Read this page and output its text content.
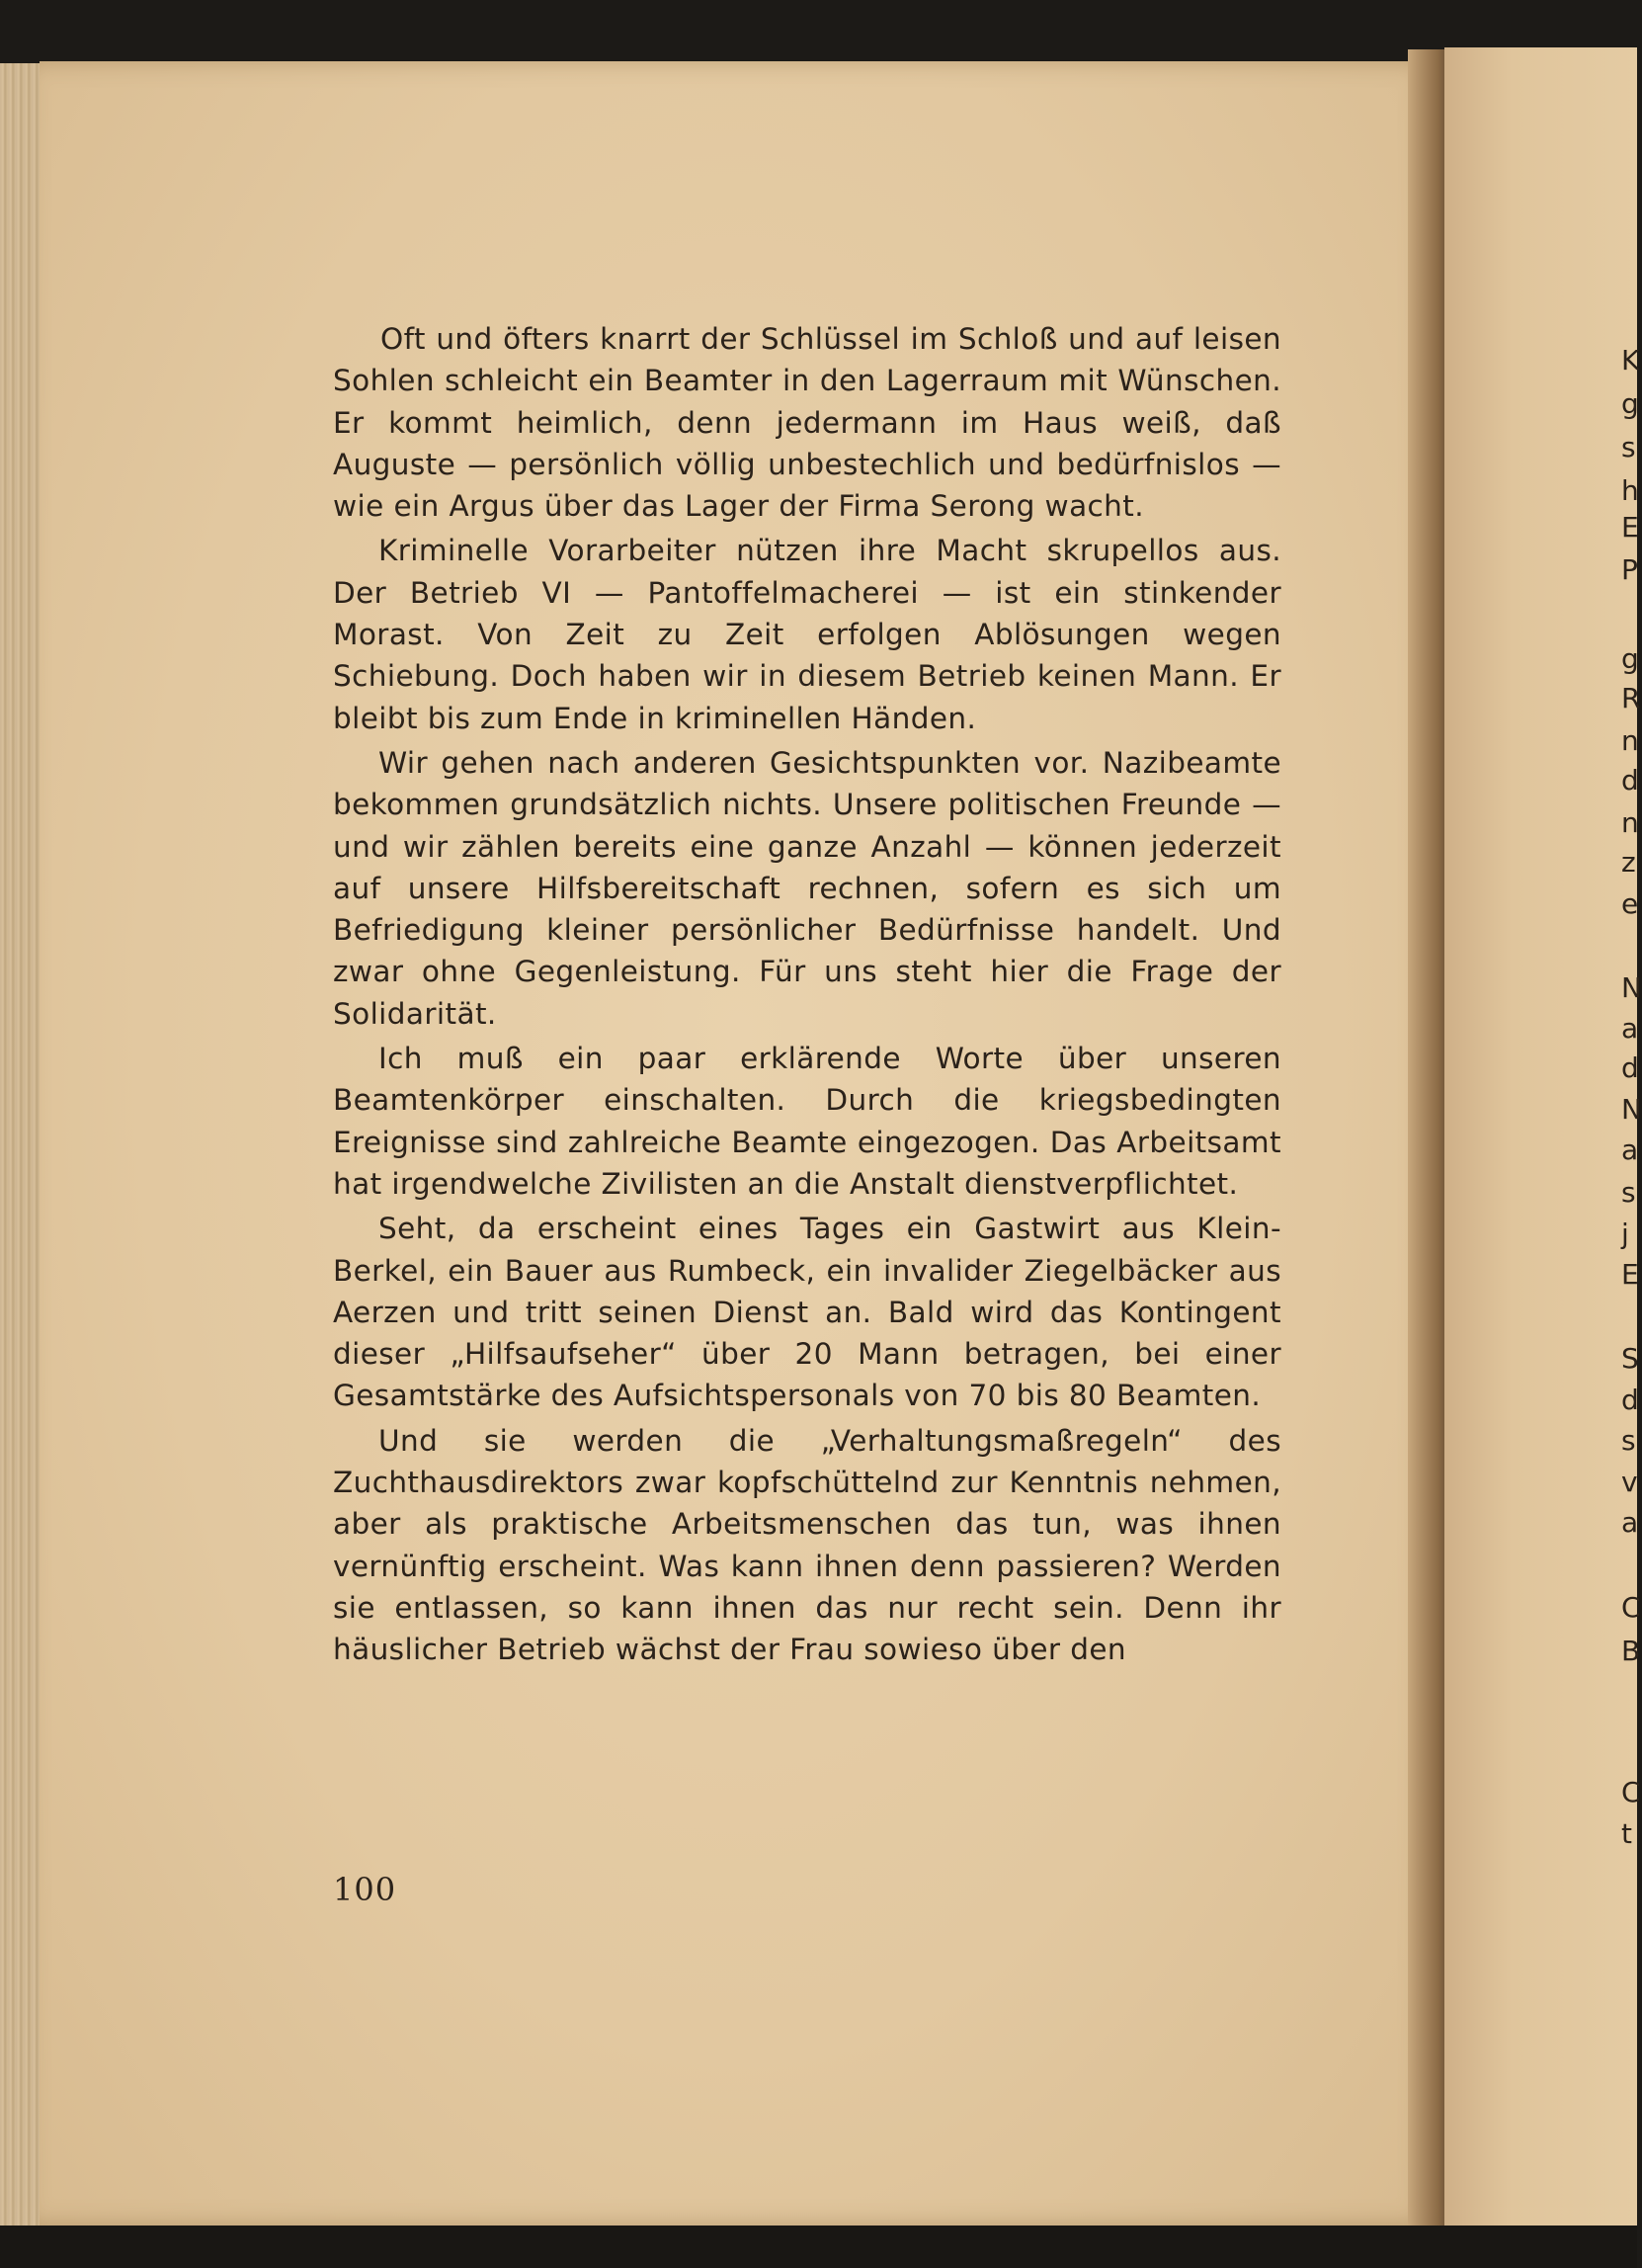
Oft und öfters knarrt der Schlüssel im Schloß und auf leisen Sohlen schleicht ein Beamter in den Lagerraum mit Wünschen. Er kommt heimlich, denn jedermann im Haus weiß, daß Auguste — persönlich völlig unbestechlich und bedürfnislos — wie ein Argus über das Lager der Firma Serong wacht.

Kriminelle Vorarbeiter nützen ihre Macht skrupellos aus. Der Betrieb VI — Pantoffelmacherei — ist ein stinkender Morast. Von Zeit zu Zeit erfolgen Ablösungen wegen Schiebung. Doch haben wir in diesem Betrieb keinen Mann. Er bleibt bis zum Ende in kriminellen Händen.

Wir gehen nach anderen Gesichtspunkten vor. Nazibeamte bekommen grundsätzlich nichts. Unsere politischen Freunde — und wir zählen bereits eine ganze Anzahl — können jederzeit auf unsere Hilfsbereitschaft rechnen, sofern es sich um Befriedigung kleiner persönlicher Bedürfnisse handelt. Und zwar ohne Gegenleistung. Für uns steht hier die Frage der Solidarität.

Ich muß ein paar erklärende Worte über unseren Beamtenkörper einschalten. Durch die kriegsbedingten Ereignisse sind zahlreiche Beamte eingezogen. Das Arbeitsamt hat irgendwelche Zivilisten an die Anstalt dienstverpflichtet.

Seht, da erscheint eines Tages ein Gastwirt aus Klein-Berkel, ein Bauer aus Rumbeck, ein invalider Ziegelbäcker aus Aerzen und tritt seinen Dienst an. Bald wird das Kontingent dieser „Hilfsaufseher“ über 20 Mann betragen, bei einer Gesamtstärke des Aufsichtspersonals von 70 bis 80 Beamten.

Und sie werden die „Verhaltungsmaßregeln“ des Zuchthausdirektors zwar kopfschüttelnd zur Kenntnis nehmen, aber als praktische Arbeitsmenschen das tun, was ihnen vernünftig erscheint. Was kann ihnen denn passieren? Werden sie entlassen, so kann ihnen das nur recht sein. Denn ihr häuslicher Betrieb wächst der Frau sowieso über den

100
K
g
s
h
E
P
g
R
n
d
n
z
e
N
a
d
N
a
s
j
E
S
d
s
v
a
C
B
C
t
